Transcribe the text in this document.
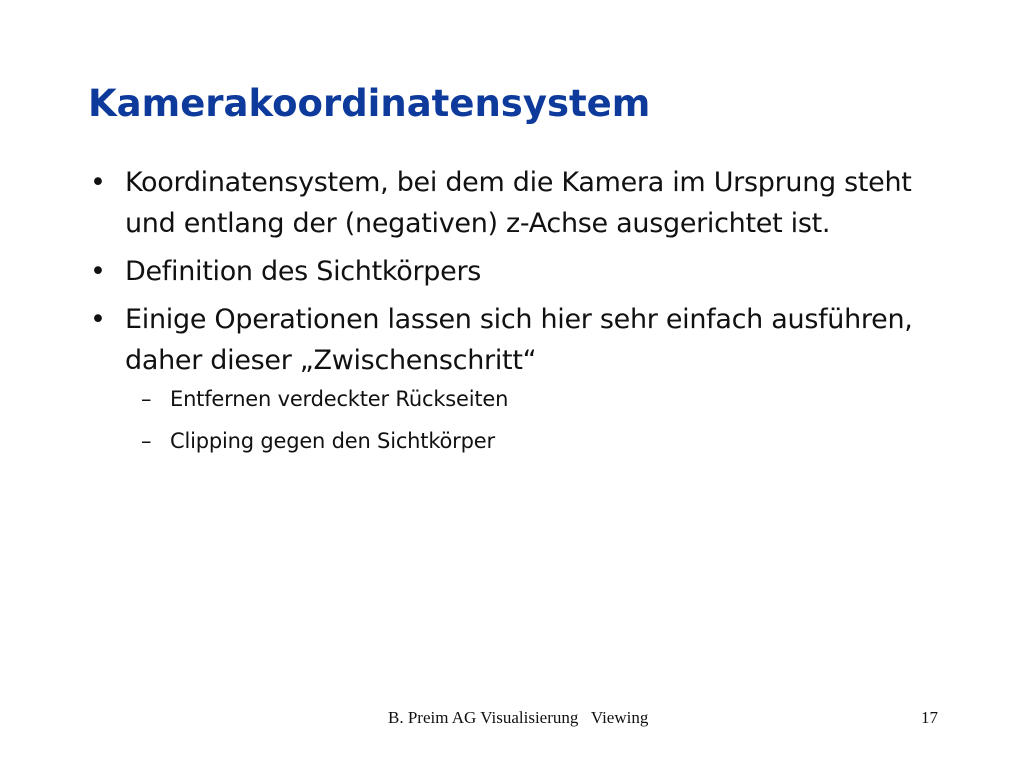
Kamerakoordinatensystem
• Koordinatensystem, bei dem die Kamera im Ursprung steht und entlang der (negativen) z-Achse ausgerichtet ist.
• Definition des Sichtkörpers
• Einige Operationen lassen sich hier sehr einfach ausführen, daher dieser „Zwischenschritt“
– Entfernen verdeckter Rückseiten
– Clipping gegen den Sichtkörper
B. Preim AG Visualisierung   Viewing	17
